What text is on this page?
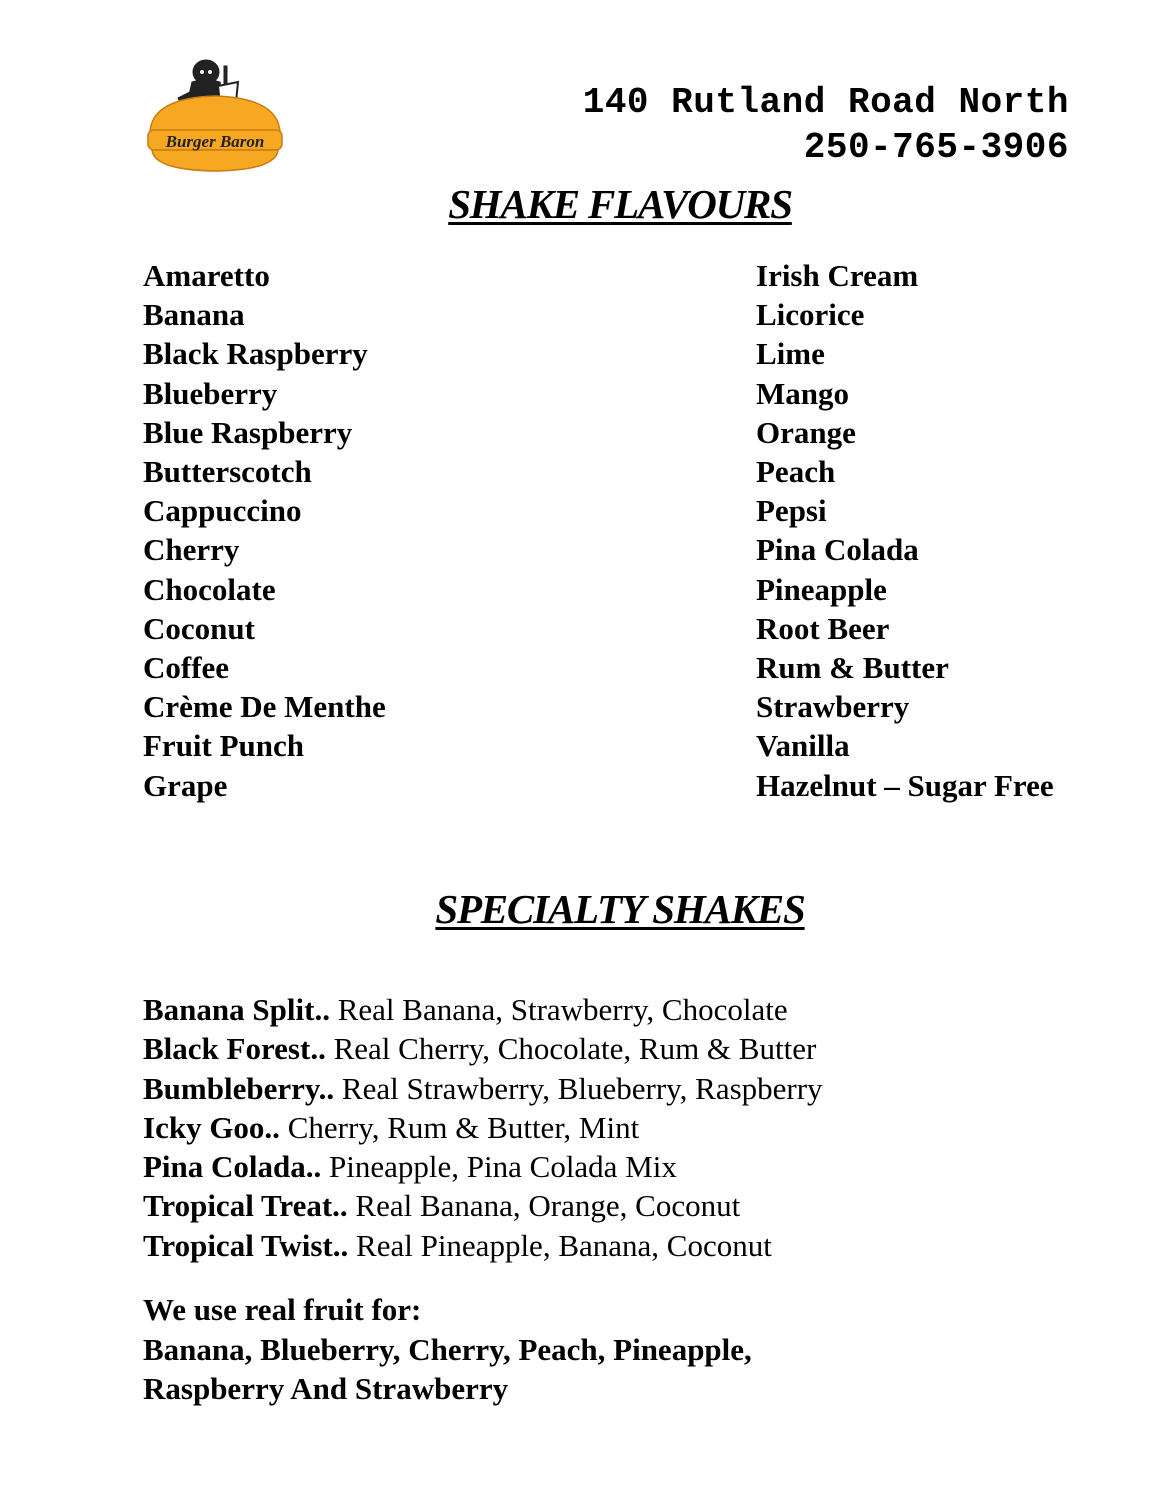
Burger Baron
140 Rutland Road North
250-765-3906
SHAKE FLAVOURS
Amaretto
Banana
Black Raspberry
Blueberry
Blue Raspberry
Butterscotch
Cappuccino
Cherry
Chocolate
Coconut
Coffee
Crème De Menthe
Fruit Punch
Grape
Irish Cream
Licorice
Lime
Mango
Orange
Peach
Pepsi
Pina Colada
Pineapple
Root Beer
Rum & Butter
Strawberry
Vanilla
Hazelnut – Sugar Free
SPECIALTY SHAKES
Banana Split.. Real Banana, Strawberry, Chocolate
Black Forest.. Real Cherry, Chocolate, Rum & Butter
Bumbleberry.. Real Strawberry, Blueberry, Raspberry
Icky Goo.. Cherry, Rum & Butter, Mint
Pina Colada.. Pineapple, Pina Colada Mix
Tropical Treat.. Real Banana, Orange, Coconut
Tropical Twist.. Real Pineapple, Banana, Coconut
We use real fruit for:
Banana, Blueberry, Cherry, Peach, Pineapple,
Raspberry And Strawberry
